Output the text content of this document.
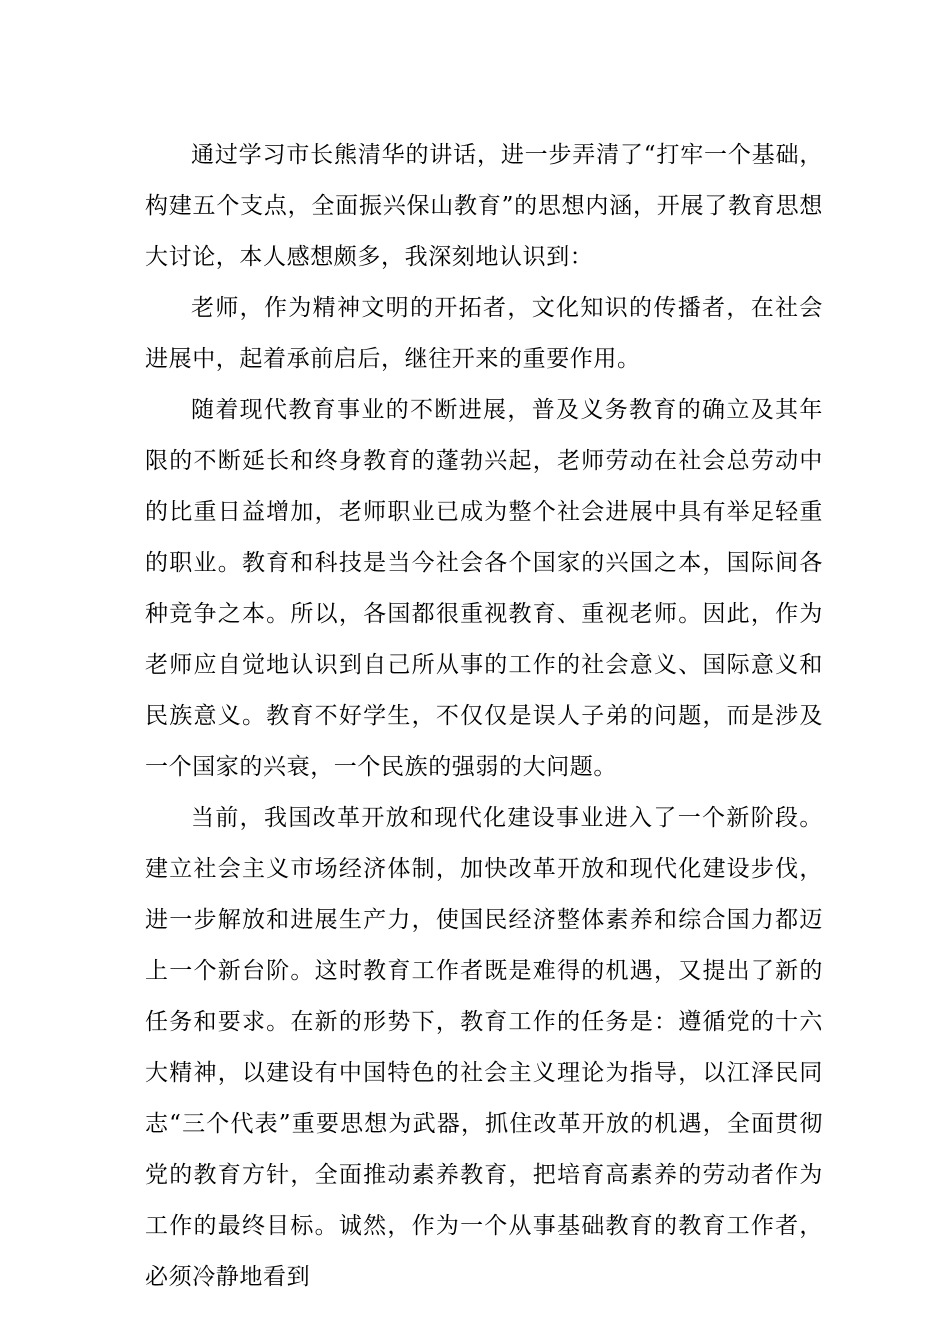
通过学习市长熊清华的讲话，进一步弄清了“打牢一个基础，构建五个支点，全面振兴保山教育”的思想内涵，开展了教育思想大讨论，本人感想颇多，我深刻地认识到：

老师，作为精神文明的开拓者，文化知识的传播者，在社会进展中，起着承前启后，继往开来的重要作用。

随着现代教育事业的不断进展，普及义务教育的确立及其年限的不断延长和终身教育的蓬勃兴起，老师劳动在社会总劳动中的比重日益增加，老师职业已成为整个社会进展中具有举足轻重的职业。教育和科技是当今社会各个国家的兴国之本，国际间各种竞争之本。所以，各国都很重视教育、重视老师。因此，作为老师应自觉地认识到自己所从事的工作的社会意义、国际意义和民族意义。教育不好学生，不仅仅是误人子弟的问题，而是涉及一个国家的兴衰，一个民族的强弱的大问题。

当前，我国改革开放和现代化建设事业进入了一个新阶段。建立社会主义市场经济体制，加快改革开放和现代化建设步伐，进一步解放和进展生产力，使国民经济整体素养和综合国力都迈上一个新台阶。这时教育工作者既是难得的机遇，又提出了新的任务和要求。在新的形势下，教育工作的任务是：遵循党的十六大精神，以建设有中国特色的社会主义理论为指导，以江泽民同志“三个代表”重要思想为武器，抓住改革开放的机遇，全面贯彻党的教育方针，全面推动素养教育，把培育高素养的劳动者作为工作的最终目标。诚然，作为一个从事基础教育的教育工作者，必须冷静地看到
